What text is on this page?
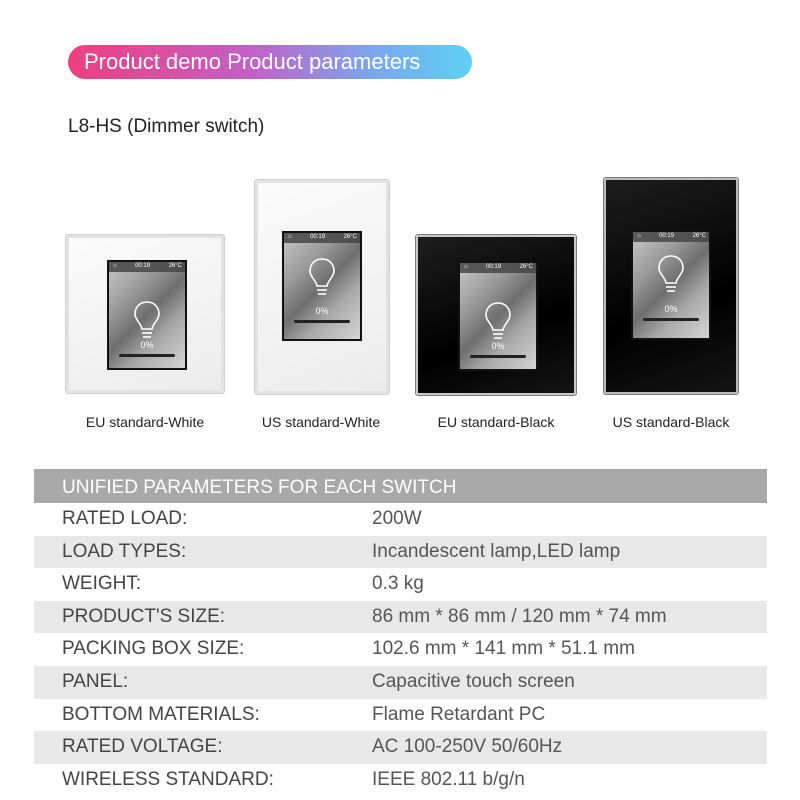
Product demo Product parameters
L8-HS (Dimmer switch)
⌂	00:19	26°C
0%
⌂	00:19	26°C
0%
⌂	00:19	26°C
0%
⌂	00:19	26°C
0%
EU standard-White	US standard-White	EU standard-Black	US standard-Black
UNIFIED PARAMETERS FOR EACH SWITCH
RATED LOAD:	200W
LOAD TYPES:	Incandescent lamp,LED lamp
WEIGHT:	0.3 kg
PRODUCT'S SIZE:	86 mm * 86 mm / 120 mm * 74 mm
PACKING BOX SIZE:	102.6 mm * 141 mm * 51.1 mm
PANEL:	Capacitive touch screen
BOTTOM MATERIALS:	Flame Retardant PC
RATED VOLTAGE:	AC 100-250V 50/60Hz
WIRELESS STANDARD:	IEEE 802.11 b/g/n
